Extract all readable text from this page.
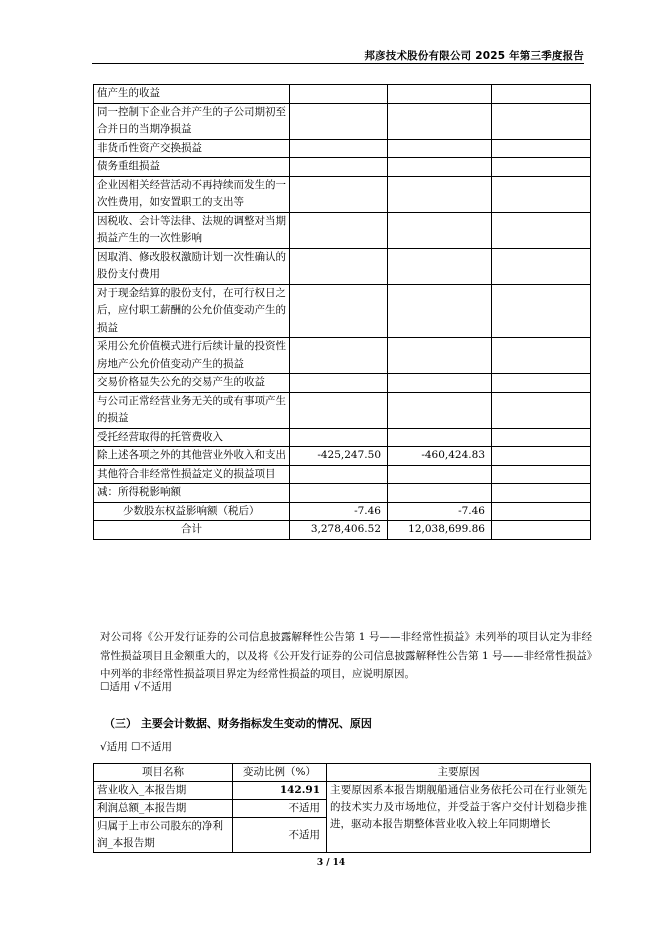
邦彦技术股份有限公司 2025 年第三季度报告
值产生的收益			
同一控制下企业合并产生的子公司期初至合并日的当期净损益			
非货币性资产交换损益			
债务重组损益			
企业因相关经营活动不再持续而发生的一次性费用，如安置职工的支出等			
因税收、会计等法律、法规的调整对当期损益产生的一次性影响			
因取消、修改股权激励计划一次性确认的股份支付费用			
对于现金结算的股份支付，在可行权日之后，应付职工薪酬的公允价值变动产生的损益			
采用公允价值模式进行后续计量的投资性房地产公允价值变动产生的损益			
交易价格显失公允的交易产生的收益			
与公司正常经营业务无关的或有事项产生的损益			
受托经营取得的托管费收入			
除上述各项之外的其他营业外收入和支出	-425,247.50	-460,424.83	
其他符合非经常性损益定义的损益项目			
减：所得税影响额			
少数股东权益影响额（税后）	-7.46	-7.46	
合计	3,278,406.52	12,038,699.86	
对公司将《公开发行证券的公司信息披露解释性公告第 1 号——非经常性损益》未列举的项目认定为非经常性损益项目且金额重大的，以及将《公开发行证券的公司信息披露解释性公告第 1 号——非经常性损益》中列举的非经常性损益项目界定为经常性损益的项目，应说明原因。
☐适用 √不适用
（三） 主要会计数据、财务指标发生变动的情况、原因
√适用 ☐不适用
项目名称	变动比例（%）	主要原因
营业收入_本报告期	142.91	主要原因系本报告期舰船通信业务依托公司在行业领先的技术实力及市场地位，并受益于客户交付计划稳步推进，驱动本报告期整体营业收入较上年同期增长
利润总额_本报告期	不适用	
归属于上市公司股东的净利润_本报告期	不适用	
3 / 14
